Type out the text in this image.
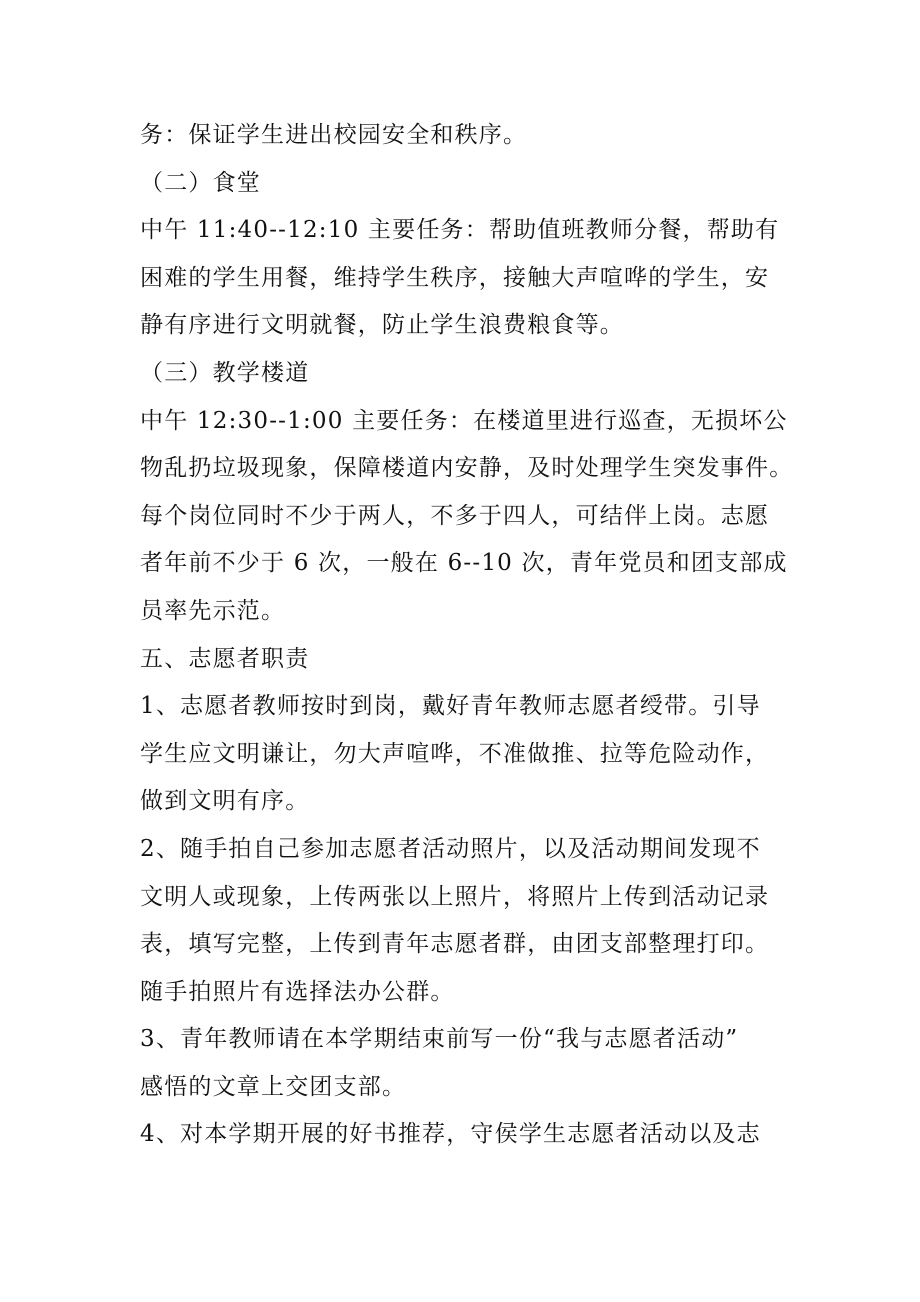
务：保证学生进出校园安全和秩序。
（二）食堂
中午 11:40--12:10 主要任务：帮助值班教师分餐，帮助有
困难的学生用餐，维持学生秩序，接触大声喧哗的学生，安
静有序进行文明就餐，防止学生浪费粮食等。
（三）教学楼道
中午 12:30--1:00 主要任务：在楼道里进行巡查，无损坏公
物乱扔垃圾现象，保障楼道内安静，及时处理学生突发事件。
每个岗位同时不少于两人，不多于四人，可结伴上岗。志愿
者年前不少于 6 次，一般在 6--10 次，青年党员和团支部成
员率先示范。
五、志愿者职责
1、志愿者教师按时到岗，戴好青年教师志愿者绶带。引导
学生应文明谦让，勿大声喧哗，不准做推、拉等危险动作，
做到文明有序。
2、随手拍自己参加志愿者活动照片，以及活动期间发现不
文明人或现象，上传两张以上照片，将照片上传到活动记录
表，填写完整，上传到青年志愿者群，由团支部整理打印。
随手拍照片有选择法办公群。
3、青年教师请在本学期结束前写一份“我与志愿者活动”
感悟的文章上交团支部。
4、对本学期开展的好书推荐，守侯学生志愿者活动以及志
